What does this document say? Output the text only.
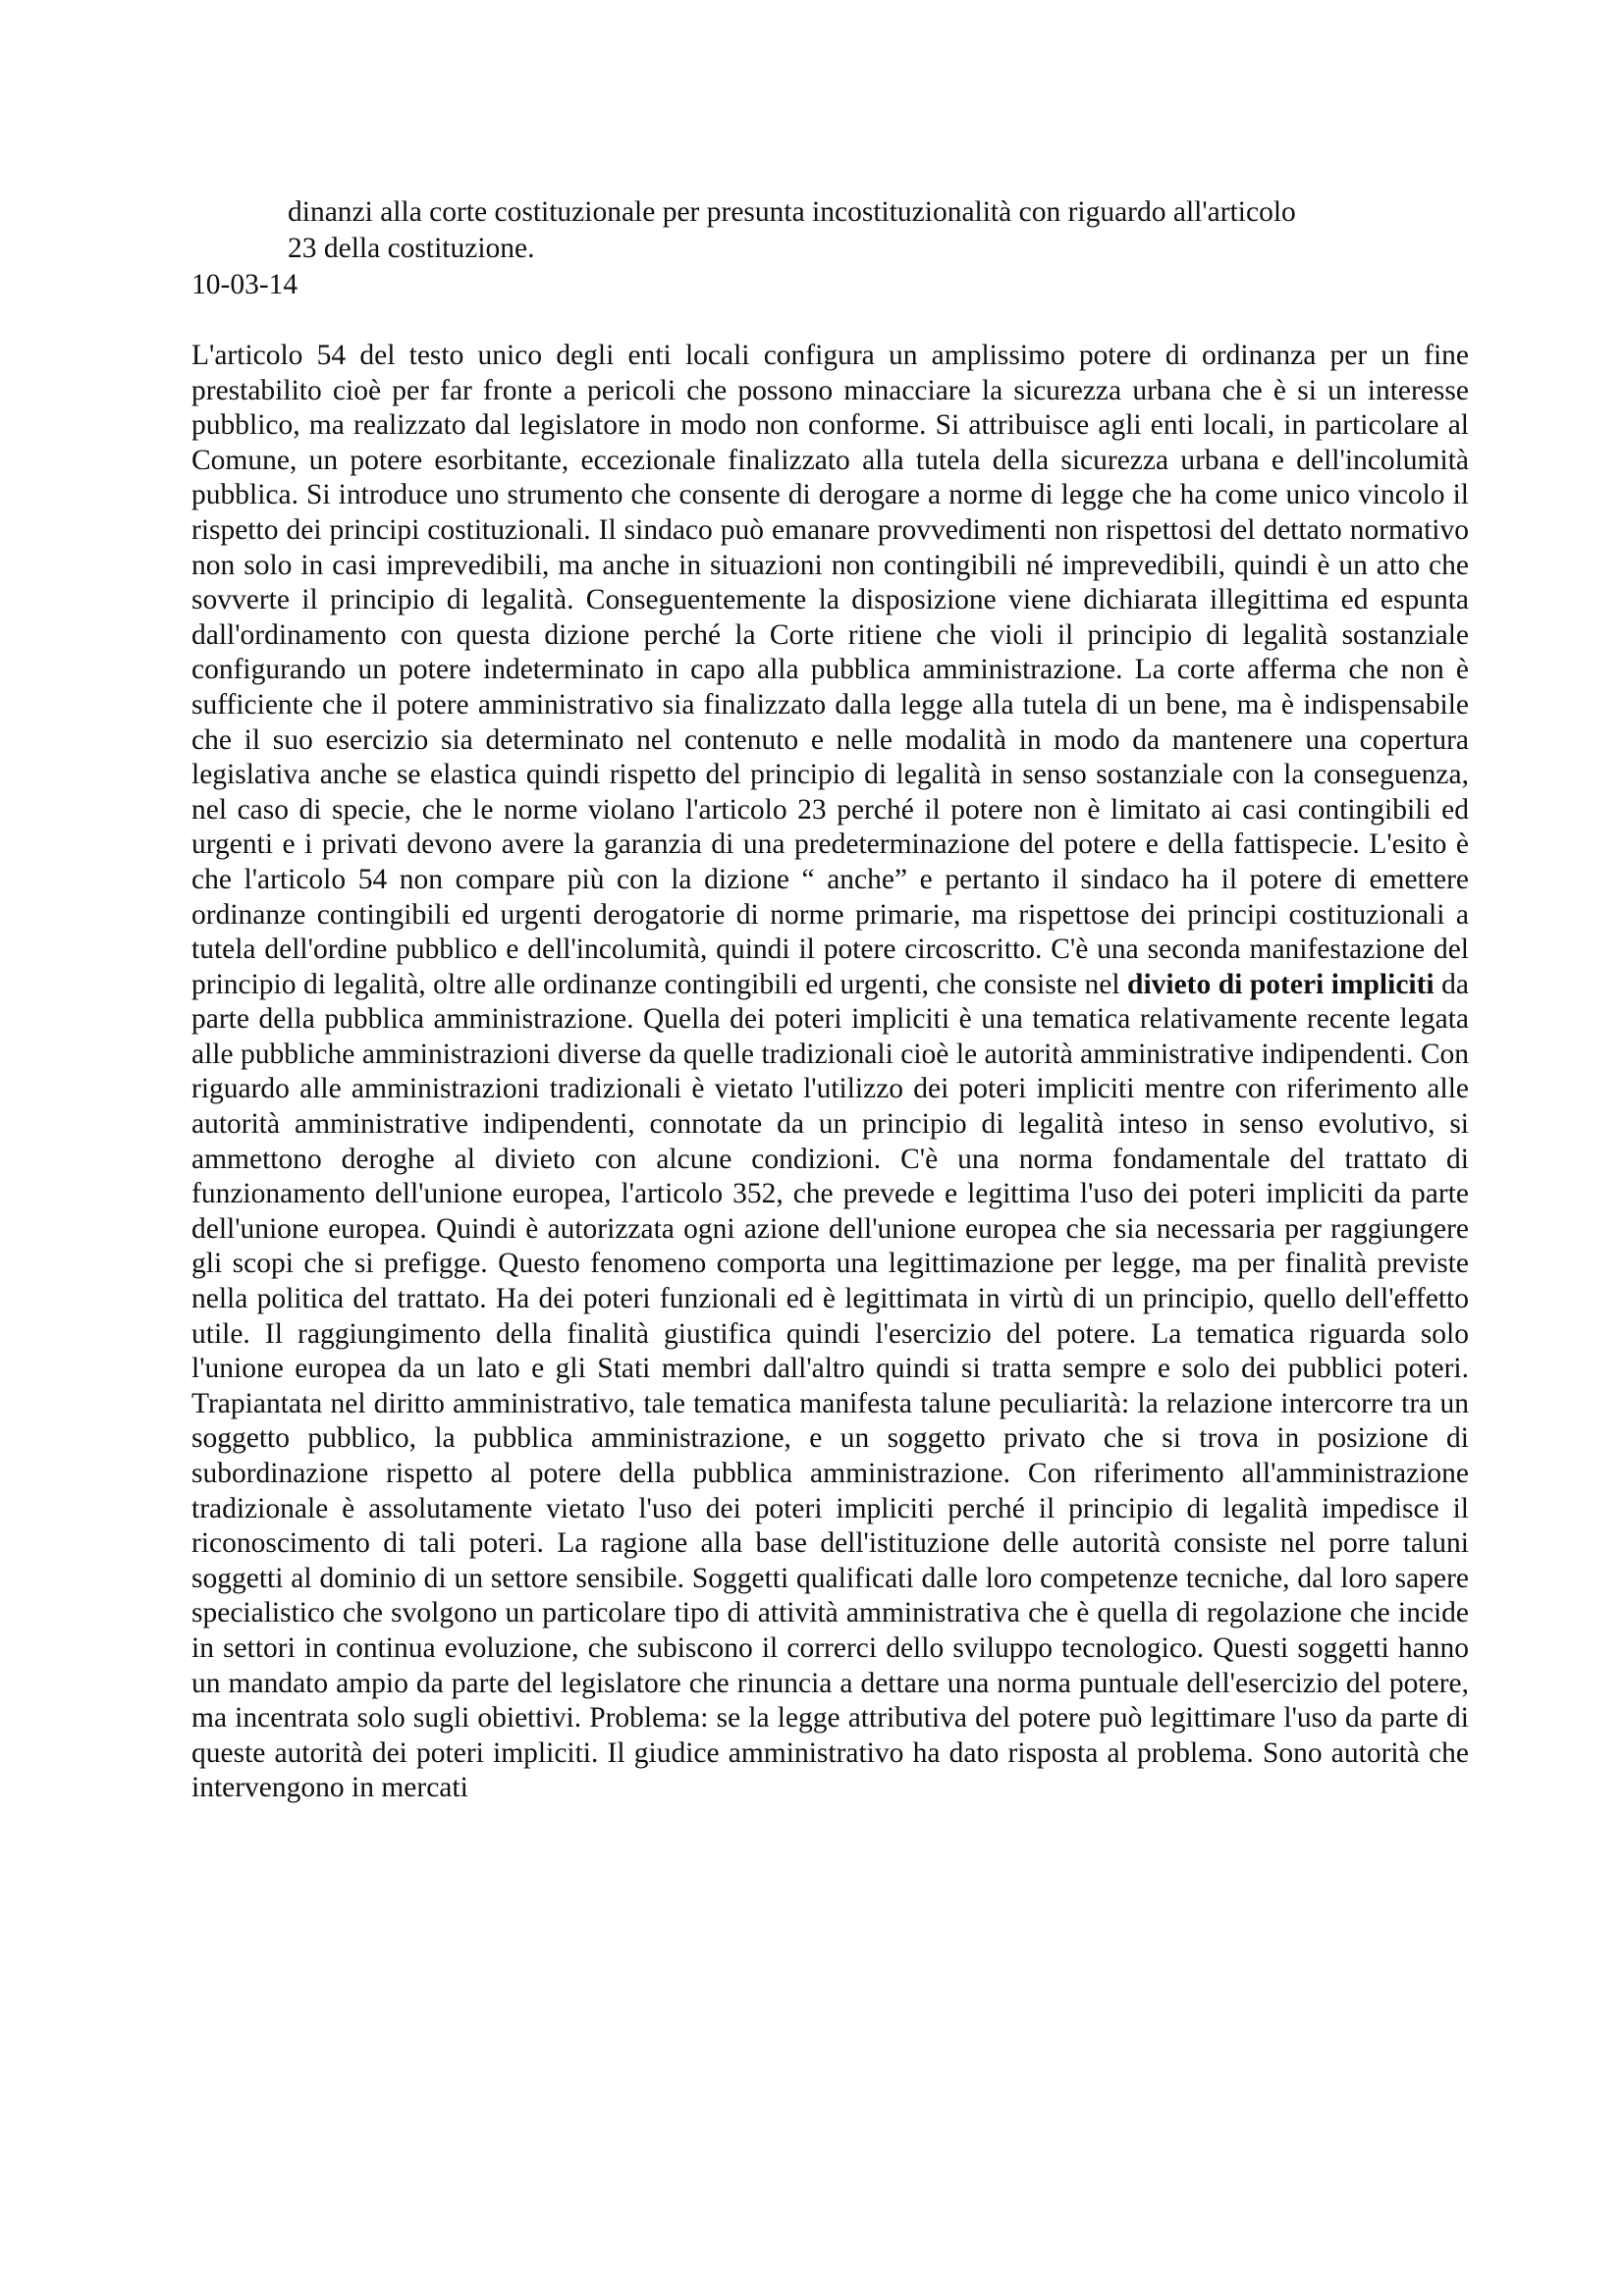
dinanzi alla corte costituzionale per presunta incostituzionalità con riguardo all'articolo
23 della costituzione.
10-03-14
L'articolo 54 del testo unico degli enti locali configura un amplissimo potere di ordinanza per un fine prestabilito cioè per far fronte a pericoli che possono minacciare la sicurezza urbana che è si un interesse pubblico, ma realizzato dal legislatore in modo non conforme. Si attribuisce agli enti locali, in particolare al Comune, un potere esorbitante, eccezionale finalizzato alla tutela della sicurezza urbana e dell'incolumità pubblica. Si introduce uno strumento che consente di derogare a norme di legge che ha come unico vincolo il rispetto dei principi costituzionali. Il sindaco può emanare provvedimenti non rispettosi del dettato normativo non solo in casi imprevedibili, ma anche in situazioni non contingibili né imprevedibili, quindi è un atto che sovverte il principio di legalità. Conseguentemente la disposizione viene dichiarata illegittima ed espunta dall'ordinamento con questa dizione perché la Corte ritiene che violi il principio di legalità sostanziale configurando un potere indeterminato in capo alla pubblica amministrazione. La corte afferma che non è sufficiente che il potere amministrativo sia finalizzato dalla legge alla tutela di un bene, ma è indispensabile che il suo esercizio sia determinato nel contenuto e nelle modalità in modo da mantenere una copertura legislativa anche se elastica quindi rispetto del principio di legalità in senso sostanziale con la conseguenza, nel caso di specie, che le norme violano l'articolo 23 perché il potere non è limitato ai casi contingibili ed urgenti e i privati devono avere la garanzia di una predeterminazione del potere e della fattispecie. L'esito è che l'articolo 54 non compare più con la dizione “ anche” e pertanto il sindaco ha il potere di emettere ordinanze contingibili ed urgenti derogatorie di norme primarie, ma rispettose dei principi costituzionali a tutela dell'ordine pubblico e dell'incolumità, quindi il potere circoscritto. C'è una seconda manifestazione del principio di legalità, oltre alle ordinanze contingibili ed urgenti, che consiste nel divieto di poteri impliciti da parte della pubblica amministrazione. Quella dei poteri impliciti è una tematica relativamente recente legata alle pubbliche amministrazioni diverse da quelle tradizionali cioè le autorità amministrative indipendenti. Con riguardo alle amministrazioni tradizionali è vietato l'utilizzo dei poteri impliciti mentre con riferimento alle autorità amministrative indipendenti, connotate da un principio di legalità inteso in senso evolutivo, si ammettono deroghe al divieto con alcune condizioni. C'è una norma fondamentale del trattato di funzionamento dell'unione europea, l'articolo 352, che prevede e legittima l'uso dei poteri impliciti da parte dell'unione europea. Quindi è autorizzata ogni azione dell'unione europea che sia necessaria per raggiungere gli scopi che si prefigge. Questo fenomeno comporta una legittimazione per legge, ma per finalità previste nella politica del trattato. Ha dei poteri funzionali ed è legittimata in virtù di un principio, quello dell'effetto utile. Il raggiungimento della finalità giustifica quindi l'esercizio del potere. La tematica riguarda solo l'unione europea da un lato e gli Stati membri dall'altro quindi si tratta sempre e solo dei pubblici poteri. Trapiantata nel diritto amministrativo, tale tematica manifesta talune peculiarità: la relazione intercorre tra un soggetto pubblico, la pubblica amministrazione, e un soggetto privato che si trova in posizione di subordinazione rispetto al potere della pubblica amministrazione. Con riferimento all'amministrazione tradizionale è assolutamente vietato l'uso dei poteri impliciti perché il principio di legalità impedisce il riconoscimento di tali poteri. La ragione alla base dell'istituzione delle autorità consiste nel porre taluni soggetti al dominio di un settore sensibile. Soggetti qualificati dalle loro competenze tecniche, dal loro sapere specialistico che svolgono un particolare tipo di attività amministrativa che è quella di regolazione che incide in settori in continua evoluzione, che subiscono il correrci dello sviluppo tecnologico. Questi soggetti hanno un mandato ampio da parte del legislatore che rinuncia a dettare una norma puntuale dell'esercizio del potere, ma incentrata solo sugli obiettivi. Problema: se la legge attributiva del potere può legittimare l'uso da parte di queste autorità dei poteri impliciti. Il giudice amministrativo ha dato risposta al problema. Sono autorità che intervengono in mercati
